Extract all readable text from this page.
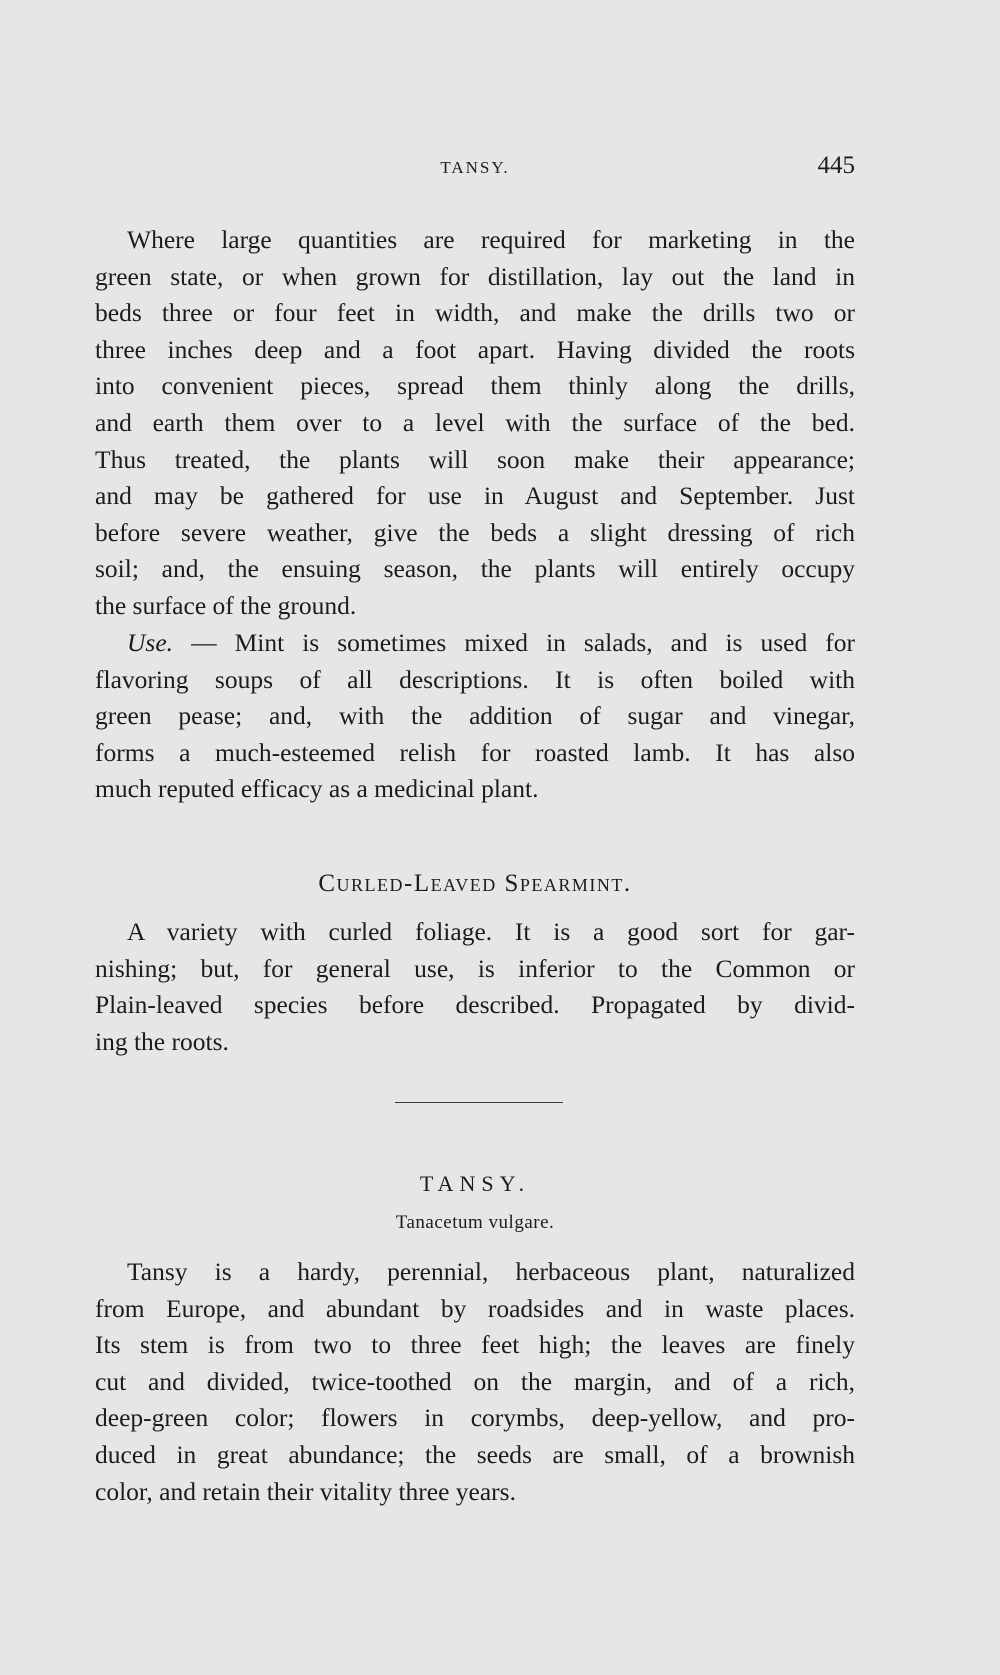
TANSY.	445
Where large quantities are required for marketing in the
green state, or when grown for distillation, lay out the land in
beds three or four feet in width, and make the drills two or
three inches deep and a foot apart. Having divided the roots
into convenient pieces, spread them thinly along the drills,
and earth them over to a level with the surface of the bed.
Thus treated, the plants will soon make their appearance;
and may be gathered for use in August and September. Just
before severe weather, give the beds a slight dressing of rich
soil; and, the ensuing season, the plants will entirely occupy
the surface of the ground.
Use. — Mint is sometimes mixed in salads, and is used for
flavoring soups of all descriptions. It is often boiled with
green pease; and, with the addition of sugar and vinegar,
forms a much-esteemed relish for roasted lamb. It has also
much reputed efficacy as a medicinal plant.
Curled-Leaved Spearmint.
A variety with curled foliage. It is a good sort for gar-
nishing; but, for general use, is inferior to the Common or
Plain-leaved species before described. Propagated by divid-
ing the roots.
TANSY.
Tanacetum vulgare.
Tansy is a hardy, perennial, herbaceous plant, naturalized
from Europe, and abundant by roadsides and in waste places.
Its stem is from two to three feet high; the leaves are finely
cut and divided, twice-toothed on the margin, and of a rich,
deep-green color; flowers in corymbs, deep-yellow, and pro-
duced in great abundance; the seeds are small, of a brownish
color, and retain their vitality three years.
